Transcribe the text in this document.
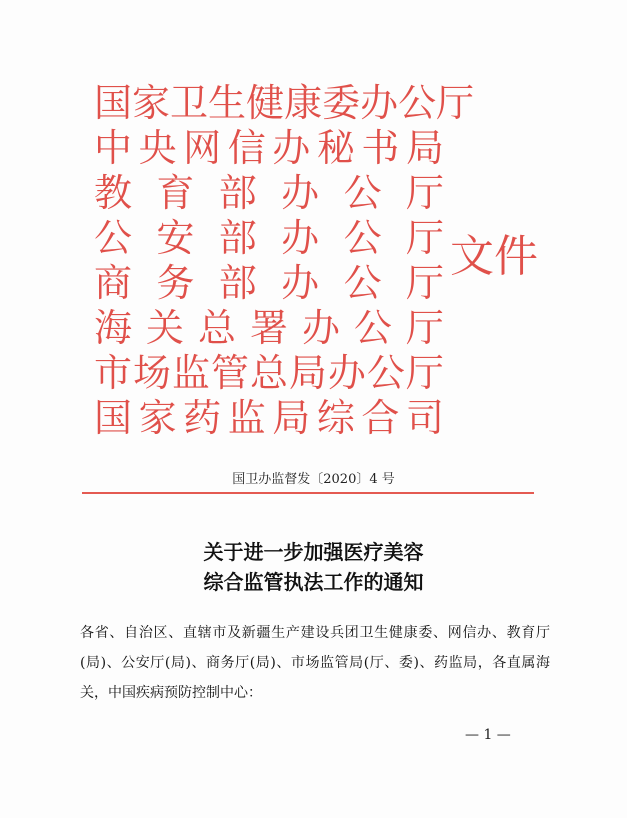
国 家 卫 生 健 康 委 办 公 厅
中 央 网 信 办 秘 书 局
教 育 部 办 公 厅
公 安 部 办 公 厅
商 务 部 办 公 厅
海 关 总 署 办 公 厅
市 场 监 管 总 局 办 公 厅
国 家 药 监 局 综 合 司
文件
国卫办监督发〔2020〕4 号
关于进一步加强医疗美容
综合监管执法工作的通知
各省、自治区、直辖市及新疆生产建设兵团卫生健康委、网信办、教育厅(局)、公安厅(局)、商务厅(局)、市场监管局(厅、委)、药监局，各直属海关，中国疾病预防控制中心：
— 1 —
